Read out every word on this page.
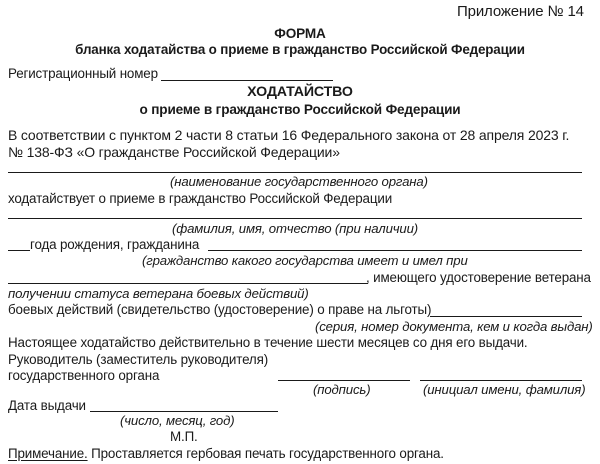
Приложение № 14
ФОРМА
бланка ходатайства о приеме в гражданство Российской Федерации
Регистрационный номер
ХОДАТАЙСТВО
о приеме в гражданство Российской Федерации
В соответствии с пунктом 2 части 8 статьи 16 Федерального закона от 28 апреля 2023 г.
№ 138-ФЗ «О гражданстве Российской Федерации»
(наименование государственного органа)
ходатайствует о приеме в гражданство Российской Федерации
(фамилия, имя, отчество (при наличии)
года рождения, гражданина
(гражданство какого государства имеет и имел при
, имеющего удостоверение ветерана
получении статуса ветерана боевых действий)
боевых действий (свидетельство (удостоверение) о праве на льготы)
(серия, номер документа, кем и когда выдан)
Настоящее ходатайство действительно в течение шести месяцев со дня его выдачи.
Руководитель (заместитель руководителя)
государственного органа
(подпись)	(инициал имени, фамилия)
Дата выдачи
(число, месяц, год)
М.П.
Примечание. Проставляется гербовая печать государственного органа.
